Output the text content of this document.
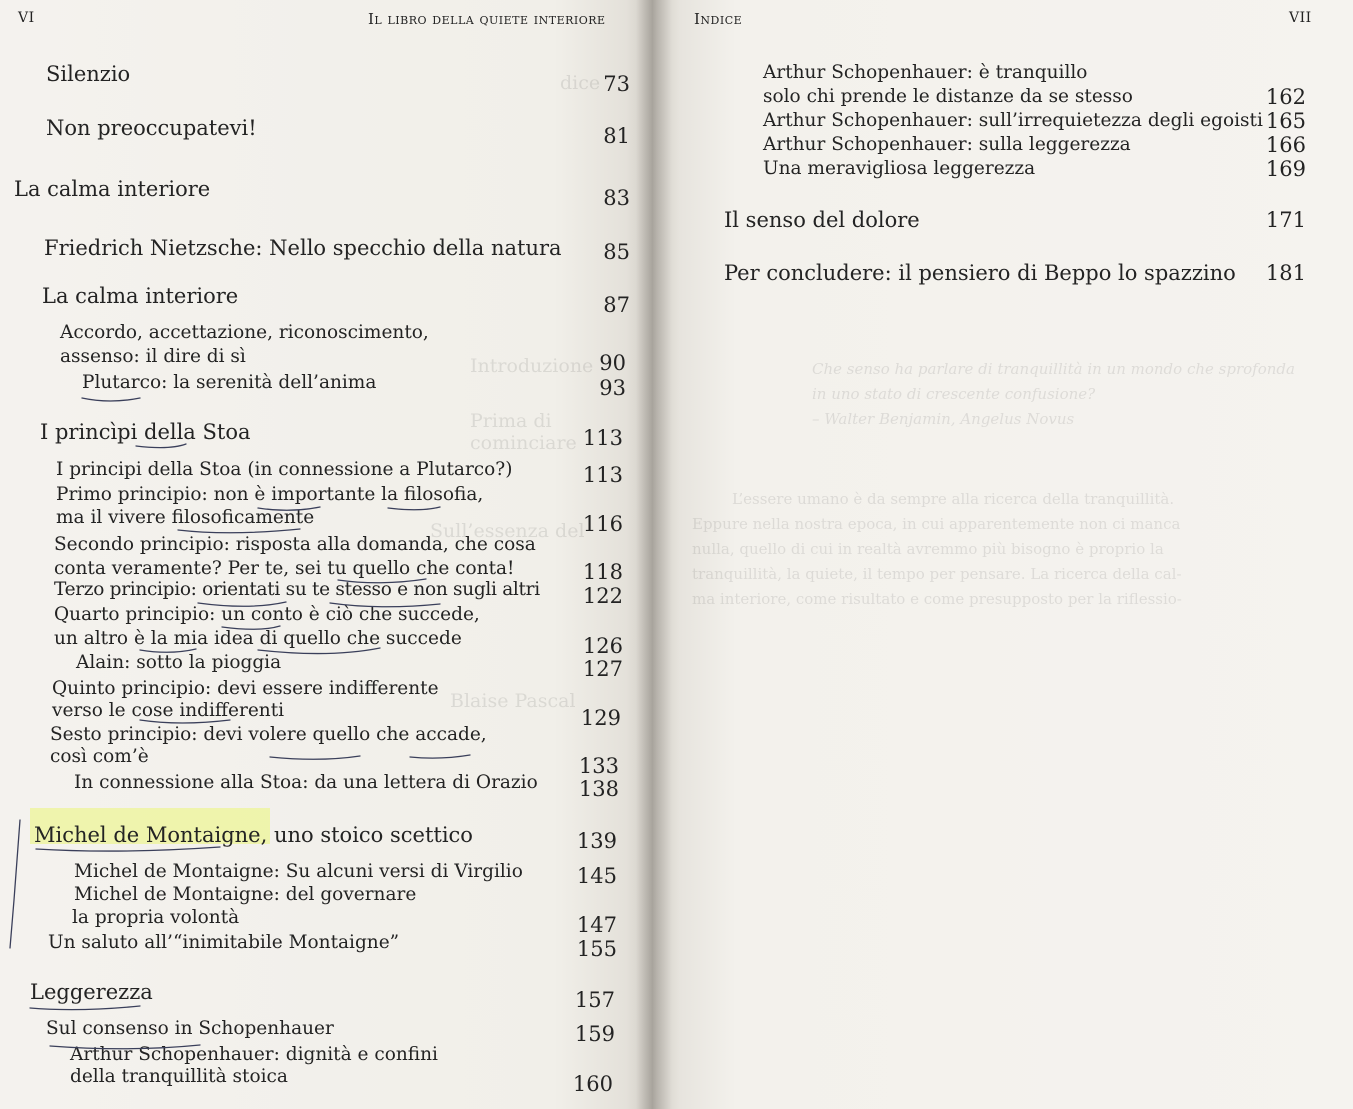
dice
Introduzione
Prima di cominciare
Sull’essenza del
Blaise Pascal
VI	Il libro della quiete interiore
Silenzio	73
Non preoccupatevi!	81
La calma interiore	83
Friedrich Nietzsche: Nello specchio della natura	85
La calma interiore	87
Accordo, accettazione, riconoscimento,
assenso: il dire di sì	90
Plutarco: la serenità dell’anima	93
I princìpi della Stoa	113
I principi della Stoa (in connessione a Plutarco?)	113
Primo principio: non è importante la filosofia,
ma il vivere filosoficamente	116
Secondo principio: risposta alla domanda, che cosa
conta veramente? Per te, sei tu quello che conta!	118
Terzo principio: orientati su te stesso e non sugli altri	122
Quarto principio: un conto è ciò che succede,
un altro è la mia idea di quello che succede	126
Alain: sotto la pioggia	127
Quinto principio: devi essere indifferente
verso le cose indifferenti	129
Sesto principio: devi volere quello che accade,
così com’è	133
In connessione alla Stoa: da una lettera di Orazio	138
Michel de Montaigne, uno stoico scettico	139
Michel de Montaigne: Su alcuni versi di Virgilio	145
Michel de Montaigne: del governare
la propria volontà	147
Un saluto all’“inimitabile Montaigne”	155
Leggerezza	157
Sul consenso in Schopenhauer	159
Arthur Schopenhauer: dignità e confini
della tranquillità stoica	160
Che senso ha parlare di tranquillità in un mondo che sprofonda
in uno stato di crescente confusione?
– Walter Benjamin, Angelus Novus
L’essere umano è da sempre alla ricerca della tranquillità.
Eppure nella nostra epoca, in cui apparentemente non ci manca
nulla, quello di cui in realtà avremmo più bisogno è proprio la
tranquillità, la quiete, il tempo per pensare. La ricerca della cal-
ma interiore, come risultato e come presupposto per la riflessio-
Indice	VII
Arthur Schopenhauer: è tranquillo
solo chi prende le distanze da se stesso	162
Arthur Schopenhauer: sull’irrequietezza degli egoisti 165
Arthur Schopenhauer: sulla leggerezza	166
Una meravigliosa leggerezza	169
Il senso del dolore	171
Per concludere: il pensiero di Beppo lo spazzino	181
